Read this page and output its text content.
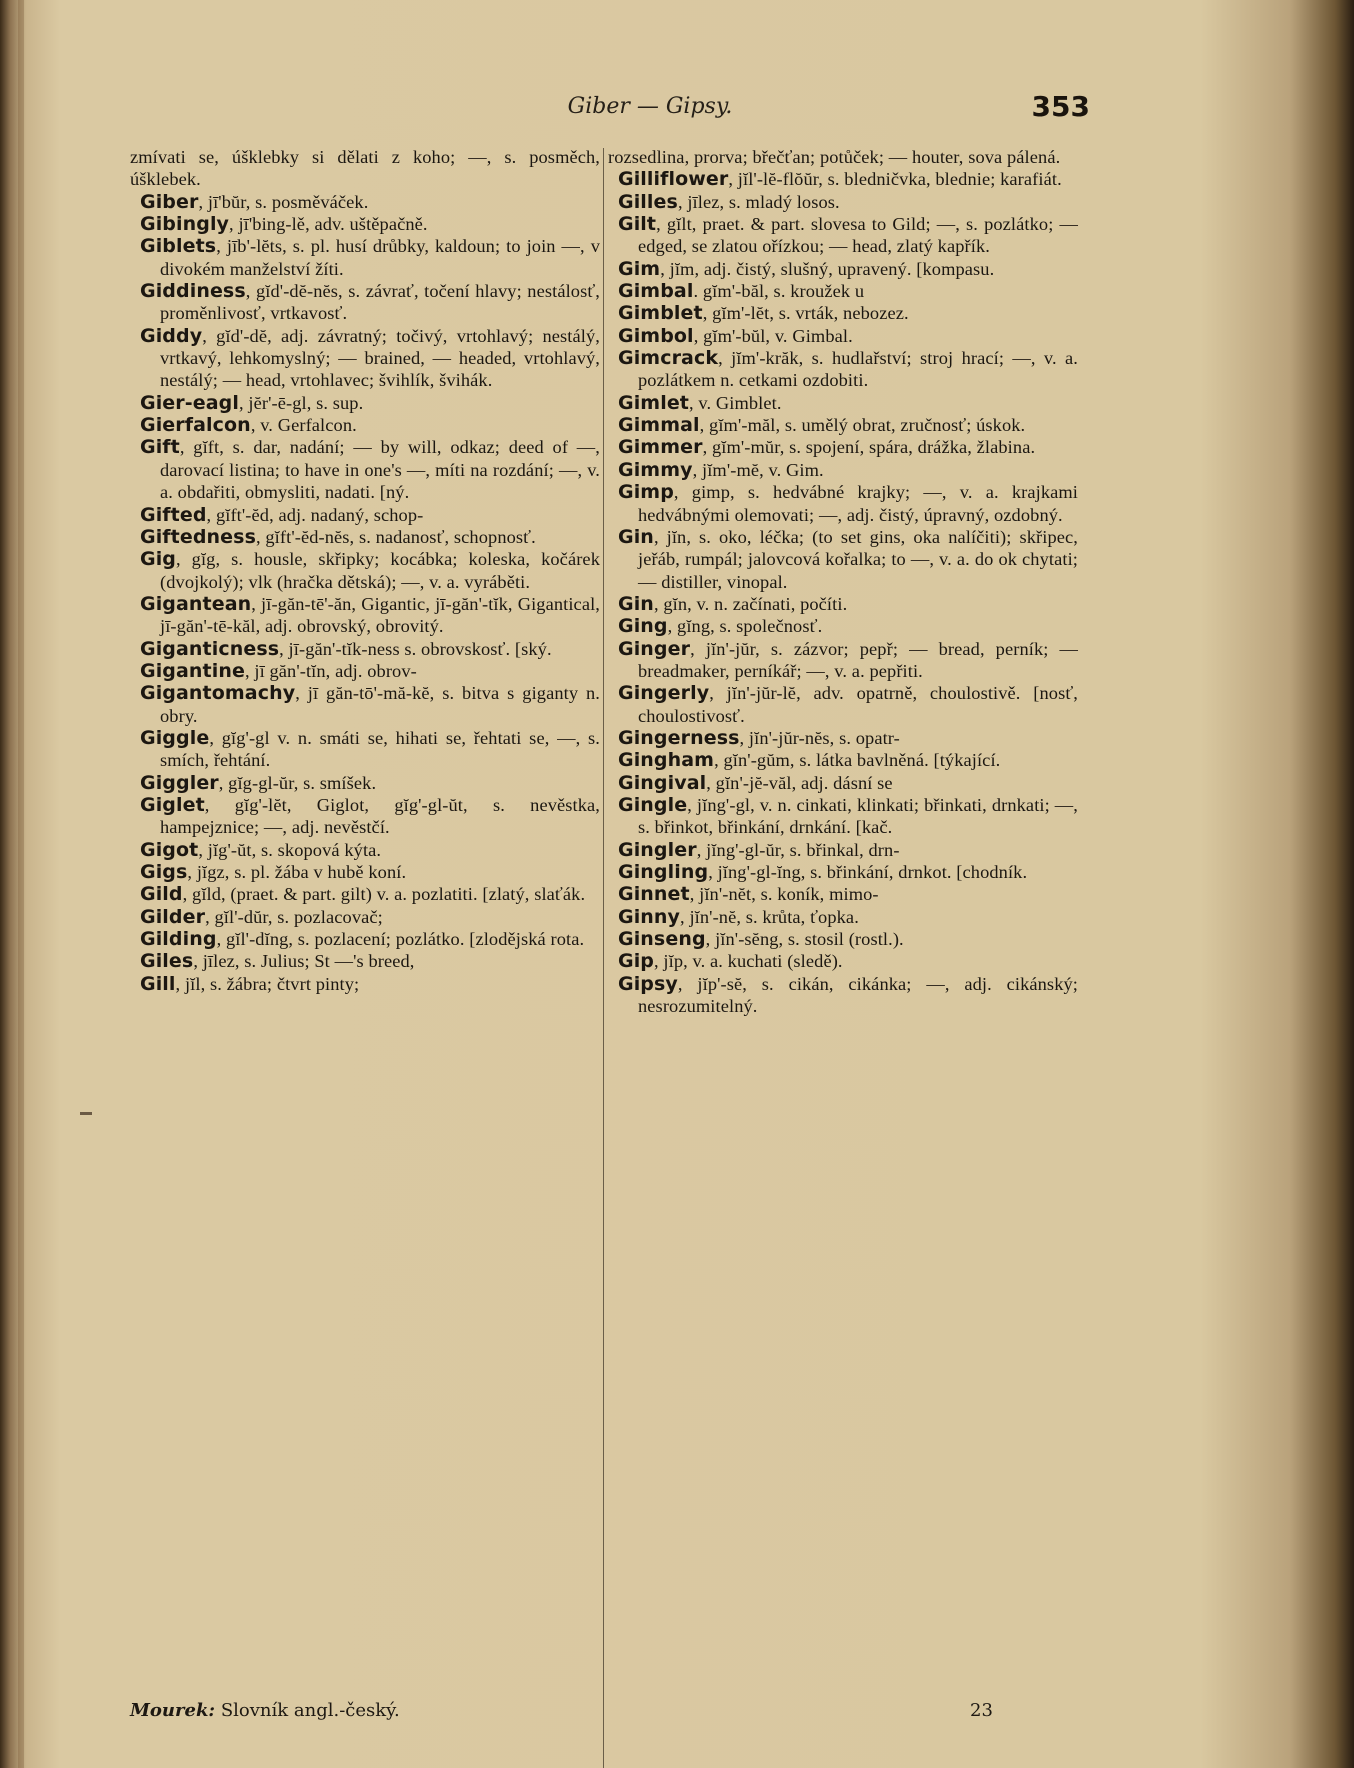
Giber — Gipsy.	353

zmívati se, úšklebky si dělati z koho; —, s. posměch, úšklebek.

Giber, jī'bŭr, s. posměváček.

Gibingly, jī'bing-lě, adv. uštěpačně.

Giblets, jīb'-lĕts, s. pl. husí drůbky, kaldoun; to join —, v divokém manželství žíti.

Giddiness, gĭd'-dĕ-nĕs, s. závrať, točení hlavy; nestálosť, proměnlivosť, vrtkavosť.

Giddy, gĭd'-dĕ, adj. závratný; točivý, vrtohlavý; nestálý, vrtkavý, lehkomyslný; — brained, — headed, vrtohlavý, nestálý; — head, vrtohlavec; švihlík, švihák.

Gier-eagl, jĕr'-ē-gl, s. sup.

Gierfalcon, v. Gerfalcon.

Gift, gĭft, s. dar, nadání; — by will, odkaz; deed of —, darovací listina; to have in one's —, míti na rozdání; —, v. a. obdařiti, obmysliti, nadati. [ný.

Gifted, gĭft'-ĕd, adj. nadaný, schop-

Giftedness, gĭft'-ĕd-nĕs, s. nadanosť, schopnosť.

Gig, gĭg, s. housle, skřipky; kocábka; koleska, kočárek (dvojkolý); vlk (hračka dětská); —, v. a. vyráběti.

Gigantean, jī-găn-tē'-ăn, Gigantic, jī-găn'-tĭk, Gigantical, jī-găn'-tē-kăl, adj. obrovský, obrovitý.

Giganticness, jī-găn'-tĭk-ness s. obrovskosť. [ský.

Gigantine, jī găn'-tĭn, adj. obrov-

Gigantomachy, jī găn-tō'-mă-kĕ, s. bitva s giganty n. obry.

Giggle, gĭg'-gl v. n. smáti se, hihati se, řehtati se, —, s. smích, řehtání.

Giggler, gĭg-gl-ŭr, s. smíšek.

Giglet, gĭg'-lĕt, Giglot, gĭg'-gl-ŭt, s. nevěstka, hampejznice; —, adj. nevěstčí.

Gigot, jĭg'-ŭt, s. skopová kýta.

Gigs, jĭgz, s. pl. žába v hubě koní.

Gild, gĭld, (praet. & part. gilt) v. a. pozlatiti. [zlatý, slaťák.

Gilder, gĭl'-dŭr, s. pozlacovač;

Gilding, gĭl'-dĭng, s. pozlacení; pozlátko. [zlodějská rota.

Giles, jīlez, s. Julius; St —'s breed,

Gill, jĭl, s. žábra; čtvrt pinty;

rozsedlina, prorva; břečťan; potůček; — houter, sova pálená.

Gilliflower, jĭl'-lĕ-flŏŭr, s. bledničvka, blednie; karafiát.

Gilles, jīlez, s. mladý losos.

Gilt, gĭlt, praet. & part. slovesa to Gild; —, s. pozlátko; — edged, se zlatou ořízkou; — head, zlatý kapřík.

Gim, jĭm, adj. čistý, slušný, upravený. [kompasu.

Gimbal. gĭm'-băl, s. kroužek u

Gimblet, gĭm'-lĕt, s. vrták, nebozez.

Gimbol, gĭm'-bŭl, v. Gimbal.

Gimcrack, jĭm'-krăk, s. hudlařství; stroj hrací; —, v. a. pozlátkem n. cetkami ozdobiti.

Gimlet, v. Gimblet.

Gimmal, gĭm'-măl, s. umělý obrat, zručnosť; úskok.

Gimmer, gĭm'-mŭr, s. spojení, spára, drážka, žlabina.

Gimmy, jĭm'-mĕ, v. Gim.

Gimp, gimp, s. hedvábné krajky; —, v. a. krajkami hedvábnými olemovati; —, adj. čistý, úpravný, ozdobný.

Gin, jĭn, s. oko, léčka; (to set gins, oka nalíčiti); skřipec, jeřáb, rumpál; jalovcová kořalka; to —, v. a. do ok chytati; — distiller, vinopal.

Gin, gĭn, v. n. začínati, počíti.

Ging, gĭng, s. společnosť.

Ginger, jĭn'-jŭr, s. zázvor; pepř; — bread, perník; — breadmaker, perníkář; —, v. a. pepřiti.

Gingerly, jĭn'-jŭr-lĕ, adv. opatrně, choulostivě. [nosť, choulostivosť.

Gingerness, jĭn'-jŭr-nĕs, s. opatr-

Gingham, gĭn'-gŭm, s. látka bavlněná. [týkající.

Gingival, gĭn'-jĕ-văl, adj. dásní se

Gingle, jĭng'-gl, v. n. cinkati, klinkati; břinkati, drnkati; —, s. břinkot, břinkání, drnkání. [kač.

Gingler, jĭng'-gl-ŭr, s. břinkal, drn-

Gingling, jĭng'-gl-ĭng, s. břinkání, drnkot. [chodník.

Ginnet, jĭn'-nĕt, s. koník, mimo-

Ginny, jĭn'-nĕ, s. krůta, ťopka.

Ginseng, jĭn'-sĕng, s. stosil (rostl.).

Gip, jĭp, v. a. kuchati (sledě).

Gipsy, jĭp'-sĕ, s. cikán, cikánka; —, adj. cikánský; nesrozumitelný.

Mourek: Slovník angl.-český.	23
